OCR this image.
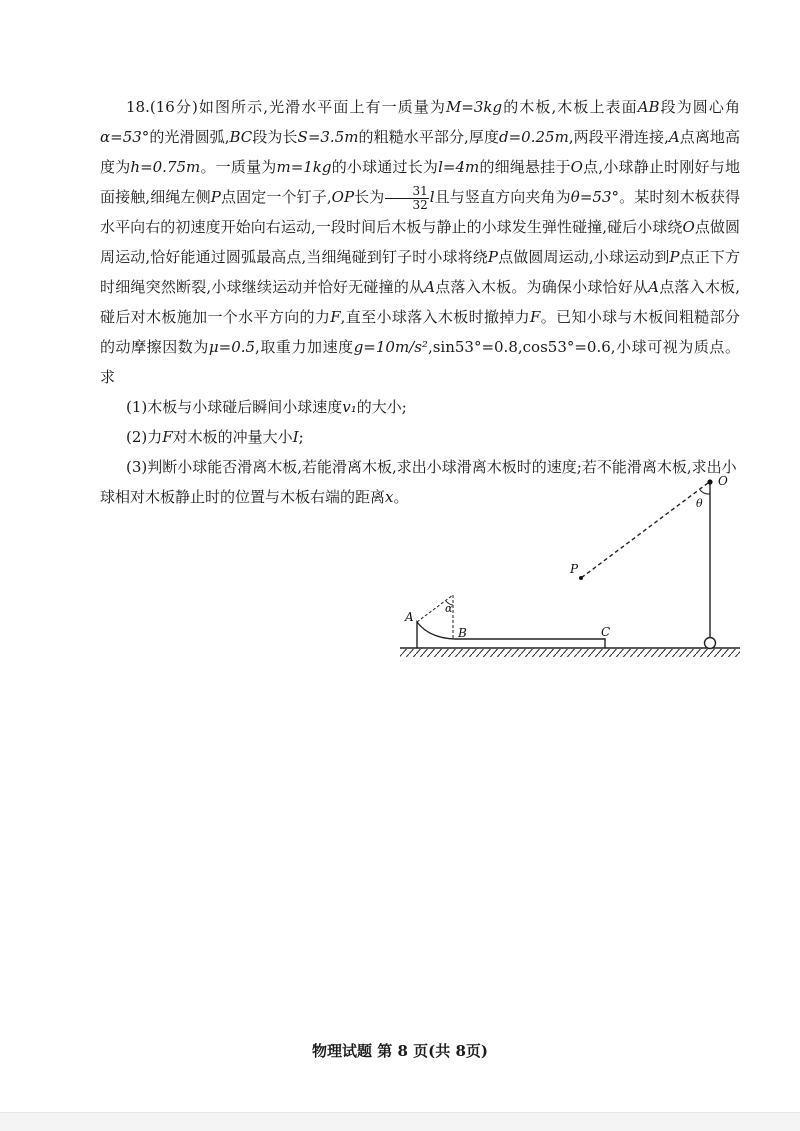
18.(16分)如图所示,光滑水平面上有一质量为M=3kg的木板,木板上表面AB段为圆心角α=53°的光滑圆弧,BC段为长S=3.5m的粗糙水平部分,厚度d=0.25m,两段平滑连接,A点离地高度为h=0.75m。一质量为m=1kg的小球通过长为l=4m的细绳悬挂于O点,小球静止时刚好与地面接触,细绳左侧P点固定一个钉子,OP长为 $\frac{31}{32}$ l且与竖直方向夹角为θ=53°。某时刻木板获得水平向右的初速度开始向右运动,一段时间后木板与静止的小球发生弹性碰撞,碰后小球绕O点做圆周运动,恰好能通过圆弧最高点,当细绳碰到钉子时小球将绕P点做圆周运动,小球运动到P点正下方时细绳突然断裂,小球继续运动并恰好无碰撞的从A点落入木板。为确保小球恰好从A点落入木板,碰后对木板施加一个水平方向的力F,直至小球落入木板时撤掉力F。已知小球与木板间粗糙部分的动摩擦因数为μ=0.5,取重力加速度g=10m/s²,sin53°=0.8,cos53°=0.6,小球可视为质点。求

(1)木板与小球碰后瞬间小球速度v₁的大小;

(2)力F对木板的冲量大小I;

(3)判断小球能否滑离木板,若能滑离木板,求出小球滑离木板时的速度;若不能滑离木板,求出小球相对木板静止时的位置与木板右端的距离x。

O
θ
P
A
α
B	C
物理试题 第 8 页(共 8页)
